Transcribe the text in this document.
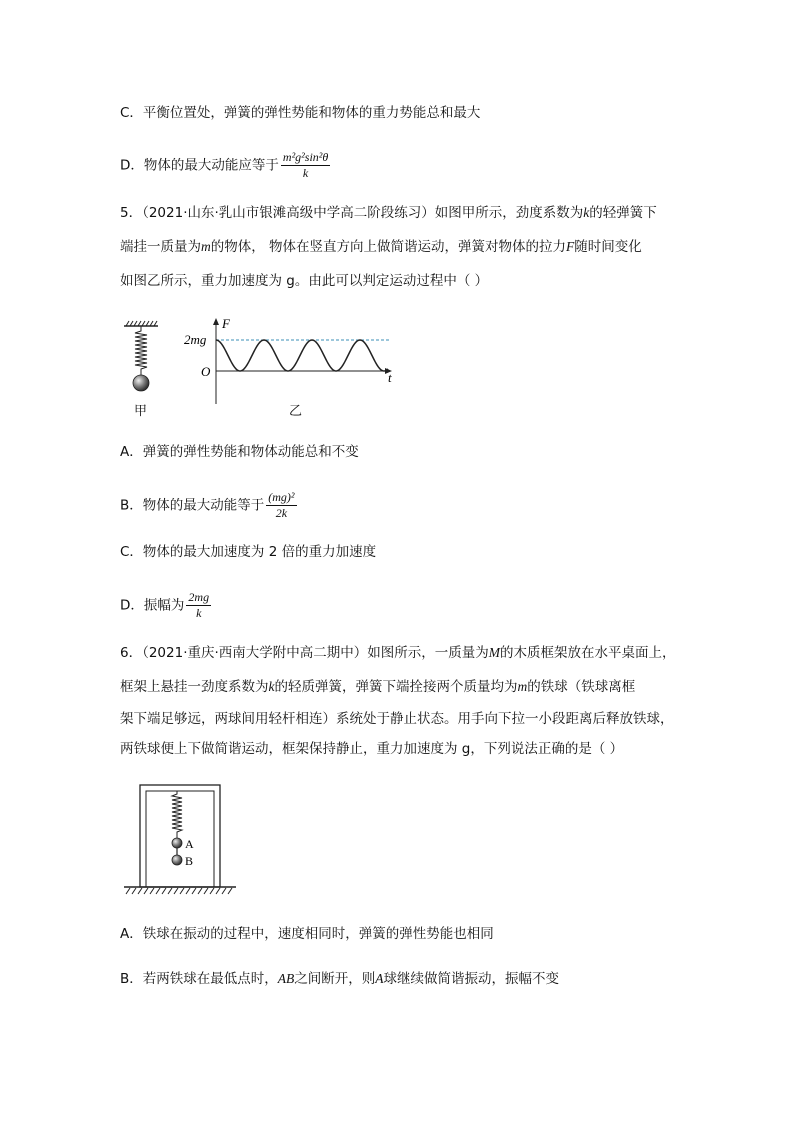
C．平衡位置处，弹簧的弹性势能和物体的重力势能总和最大
D．物体的最大动能应等于 $\frac{\text{m²g²sin²θ}}{k}$
5．（2021·山东·乳山市银滩高级中学高二阶段练习）如图甲所示，劲度系数为k的轻弹簧下
端挂一质量为m的物体， 物体在竖直方向上做简谐运动，弹簧对物体的拉力F随时间变化
如图乙所示，重力加速度为 g。由此可以判定运动过程中（ ）
甲
F
t
O
2mg
乙
A．弹簧的弹性势能和物体动能总和不变
B．物体的最大动能等于 $\frac{\text{(mg)²}}{2k}$
C．物体的最大加速度为 2 倍的重力加速度
D．振幅为 $\frac{2mg}{k}$
6．（2021·重庆·西南大学附中高二期中）如图所示，一质量为M的木质框架放在水平桌面上，
框架上悬挂一劲度系数为k的轻质弹簧，弹簧下端拴接两个质量均为m的铁球（铁球离框
架下端足够远，两球间用轻杆相连）系统处于静止状态。用手向下拉一小段距离后释放铁球，
两铁球便上下做简谐运动，框架保持静止，重力加速度为 g，下列说法正确的是（ ）
A
B
A．铁球在振动的过程中，速度相同时，弹簧的弹性势能也相同
B．若两铁球在最低点时，AB之间断开，则A球继续做简谐振动，振幅不变
